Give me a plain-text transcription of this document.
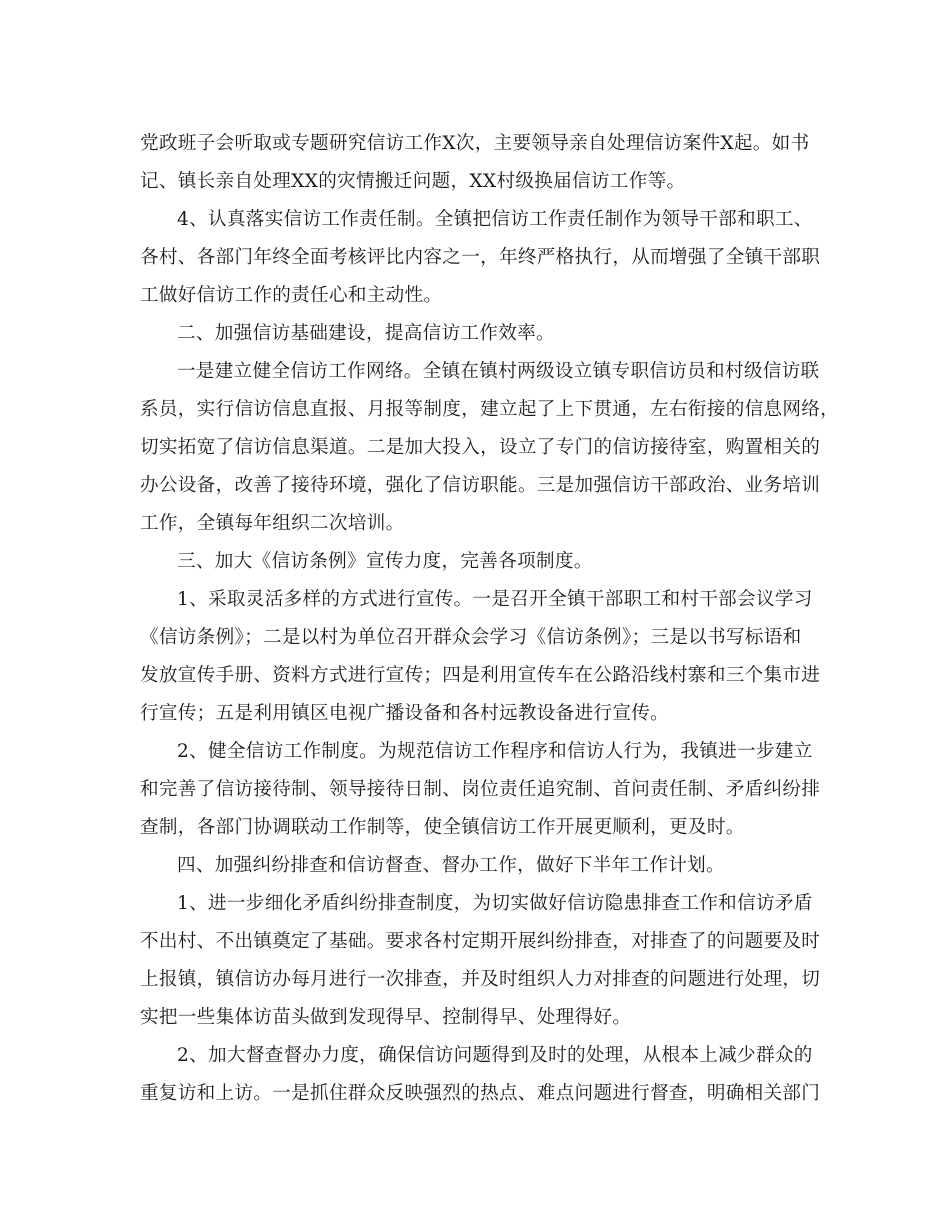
党政班子会听取或专题研究信访工作X次，主要领导亲自处理信访案件X起。如书
记、镇长亲自处理XX的灾情搬迁问题，XX村级换届信访工作等。
4、认真落实信访工作责任制。全镇把信访工作责任制作为领导干部和职工、
各村、各部门年终全面考核评比内容之一，年终严格执行，从而增强了全镇干部职
工做好信访工作的责任心和主动性。
二、加强信访基础建设，提高信访工作效率。
一是建立健全信访工作网络。全镇在镇村两级设立镇专职信访员和村级信访联
系员，实行信访信息直报、月报等制度，建立起了上下贯通，左右衔接的信息网络，
切实拓宽了信访信息渠道。二是加大投入，设立了专门的信访接待室，购置相关的
办公设备，改善了接待环境，强化了信访职能。三是加强信访干部政治、业务培训
工作，全镇每年组织二次培训。
三、加大《信访条例》宣传力度，完善各项制度。
1、采取灵活多样的方式进行宣传。一是召开全镇干部职工和村干部会议学习
《信访条例》；二是以村为单位召开群众会学习《信访条例》；三是以书写标语和
发放宣传手册、资料方式进行宣传；四是利用宣传车在公路沿线村寨和三个集市进
行宣传；五是利用镇区电视广播设备和各村远教设备进行宣传。
2、健全信访工作制度。为规范信访工作程序和信访人行为，我镇进一步建立
和完善了信访接待制、领导接待日制、岗位责任追究制、首问责任制、矛盾纠纷排
查制，各部门协调联动工作制等，使全镇信访工作开展更顺利，更及时。
四、加强纠纷排查和信访督查、督办工作，做好下半年工作计划。
1、进一步细化矛盾纠纷排查制度，为切实做好信访隐患排查工作和信访矛盾
不出村、不出镇奠定了基础。要求各村定期开展纠纷排查，对排查了的问题要及时
上报镇，镇信访办每月进行一次排查，并及时组织人力对排查的问题进行处理，切
实把一些集体访苗头做到发现得早、控制得早、处理得好。
2、加大督查督办力度，确保信访问题得到及时的处理，从根本上减少群众的
重复访和上访。一是抓住群众反映强烈的热点、难点问题进行督查，明确相关部门
